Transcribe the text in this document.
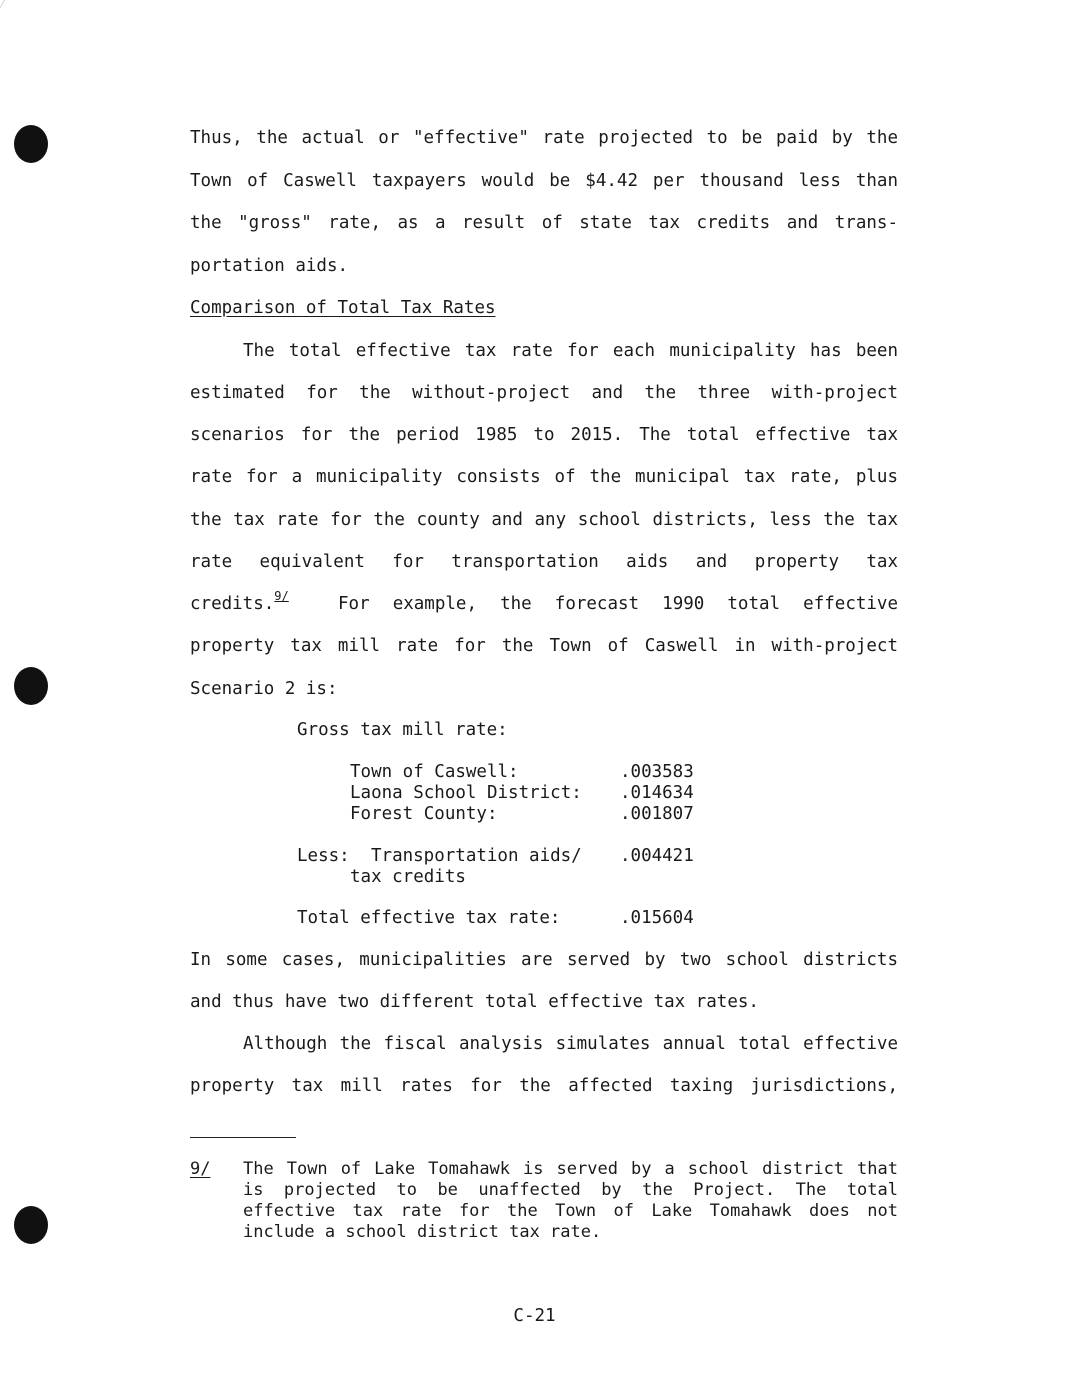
Thus, the actual or "effective" rate projected to be paid by the
Town of Caswell taxpayers would be $4.42 per thousand less than
the "gross" rate, as a result of state tax credits and trans-
portation aids.
Comparison of Total Tax Rates
The total effective tax rate for each municipality has been
estimated for the without-project and the three with-project
scenarios for the period 1985 to 2015. The total effective tax
rate for a municipality consists of the municipal tax rate, plus
the tax rate for the county and any school districts, less the tax
rate equivalent for transportation aids and property tax
credits.$^{9/}$	For example, the forecast 1990 total effective
property tax mill rate for the Town of Caswell in with-project
Scenario 2 is:
Gross tax mill rate:
Town of Caswell:	.003583
Laona School District: .014634
Forest County:	.001807
Less: Transportation aids/ .004421
tax credits
Total effective tax rate:	.015604
In some cases, municipalities are served by two school districts
and thus have two different total effective tax rates.
Although the fiscal analysis simulates annual total effective
property tax mill rates for the affected taxing jurisdictions,
9/ The Town of Lake Tomahawk is served by a school district that
is projected to be unaffected by the Project. The total
effective tax rate for the Town of Lake Tomahawk does not
include a school district tax rate.
C-21
